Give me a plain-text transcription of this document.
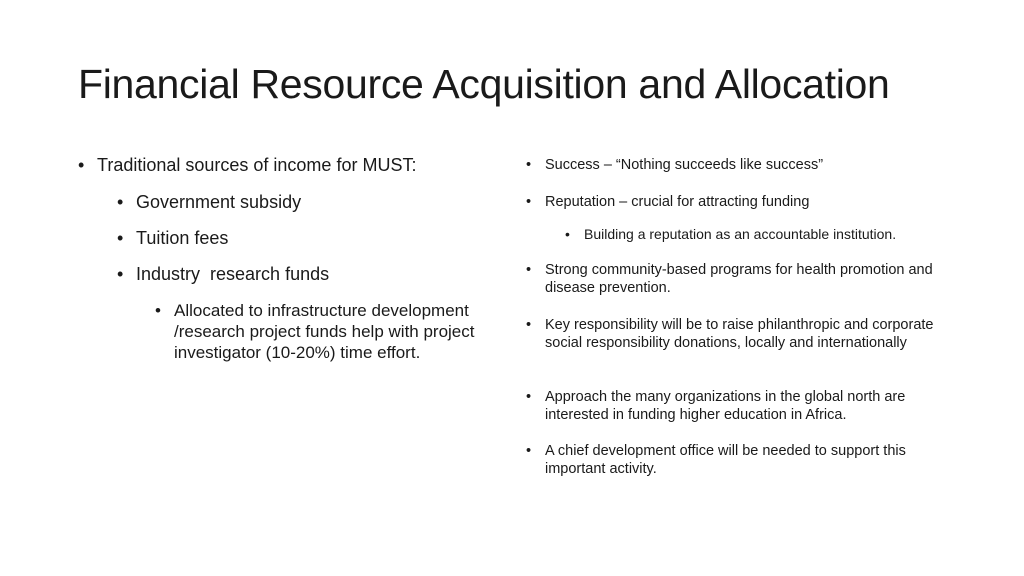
Financial Resource Acquisition and Allocation
• Traditional sources of income for MUST:
• Government subsidy
• Tuition fees
• Industry  research funds
• Allocated to infrastructure development /research project funds help with project investigator (10-20%) time effort.
• Success – “Nothing succeeds like success”
• Reputation – crucial for attracting funding
•	Building a reputation as an accountable institution.
• Strong community-based programs for health promotion and disease prevention.
• Key responsibility will be to raise philanthropic and corporate social responsibility donations, locally and internationally
• Approach the many organizations in the global north are interested in funding higher education in Africa.
• A chief development office will be needed to support this important activity.
